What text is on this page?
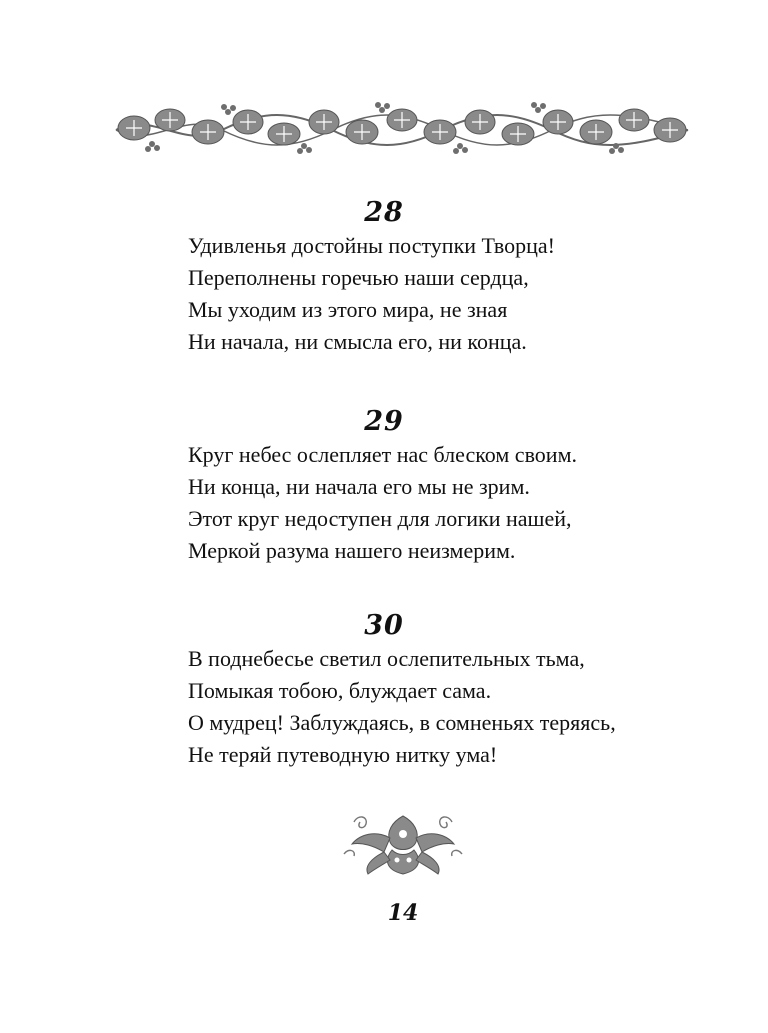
28
Удивленья достойны поступки Творца!
Переполнены горечью наши сердца,
Мы уходим из этого мира, не зная
Ни начала, ни смысла его, ни конца.
29
Круг небес ослепляет нас блеском своим.
Ни конца, ни начала его мы не зрим.
Этот круг недоступен для логики нашей,
Меркой разума нашего неизмерим.
30
В поднебесье светил ослепительных тьма,
Помыкая тобою, блуждает сама.
О мудрец! Заблуждаясь, в сомненьях теряясь,
Не теряй путеводную нитку ума!
14
